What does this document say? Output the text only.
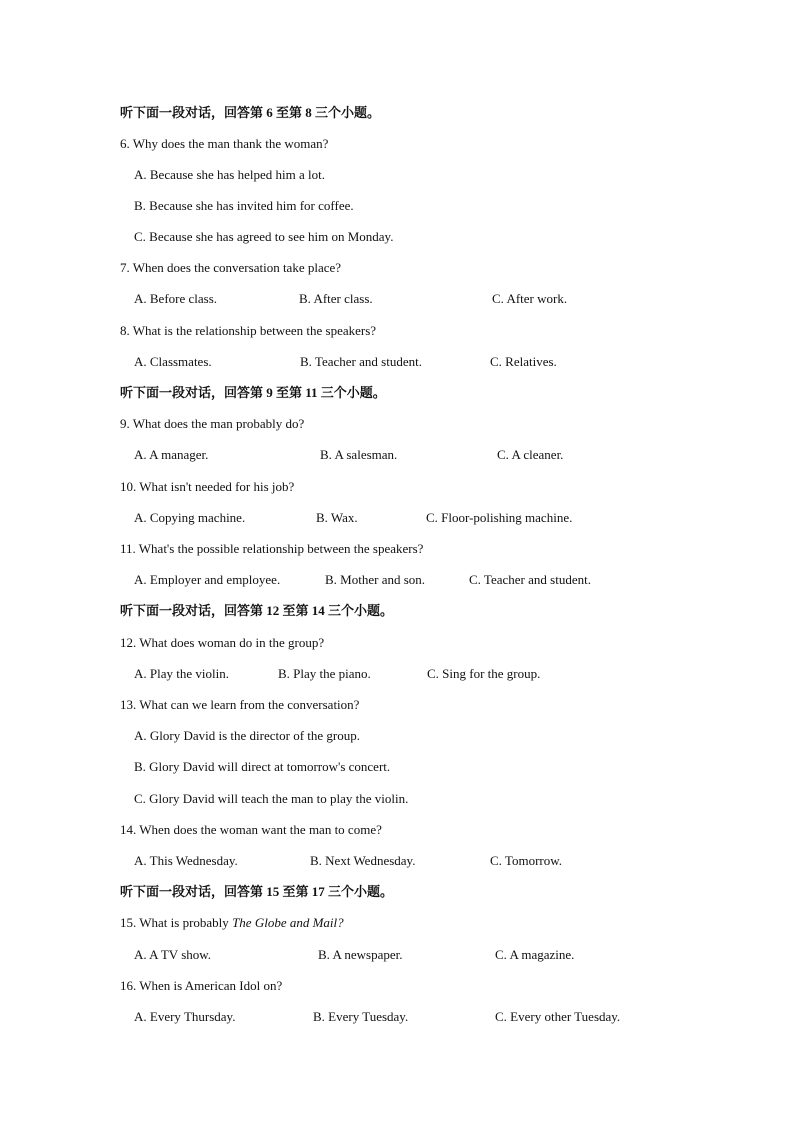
听下面一段对话，回答第 6 至第 8 三个小题。
6. Why does the man thank the woman?
A. Because she has helped him a lot.
B. Because she has invited him for coffee.
C. Because she has agreed to see him on Monday.
7. When does the conversation take place?
A. Before class.	B. After class.	C. After work.
8. What is the relationship between the speakers?
A. Classmates.	B. Teacher and student.	C. Relatives.
听下面一段对话，回答第 9 至第 11 三个小题。
9. What does the man probably do?
A. A manager.	B. A salesman.	C. A cleaner.
10. What isn't needed for his job?
A. Copying machine.	B. Wax.	C. Floor-polishing machine.
11. What's the possible relationship between the speakers?
A. Employer and employee.	B. Mother and son.	C. Teacher and student.
听下面一段对话，回答第 12 至第 14 三个小题。
12. What does woman do in the group?
A. Play the violin.	B. Play the piano.	C. Sing for the group.
13. What can we learn from the conversation?
A. Glory David is the director of the group.
B. Glory David will direct at tomorrow's concert.
C. Glory David will teach the man to play the violin.
14. When does the woman want the man to come?
A. This Wednesday.	B. Next Wednesday.	C. Tomorrow.
听下面一段对话，回答第 15 至第 17 三个小题。
15. What is probably The Globe and Mail?
A. A TV show.	B. A newspaper.	C. A magazine.
16. When is American Idol on?
A. Every Thursday.	B. Every Tuesday.	C. Every other Tuesday.
